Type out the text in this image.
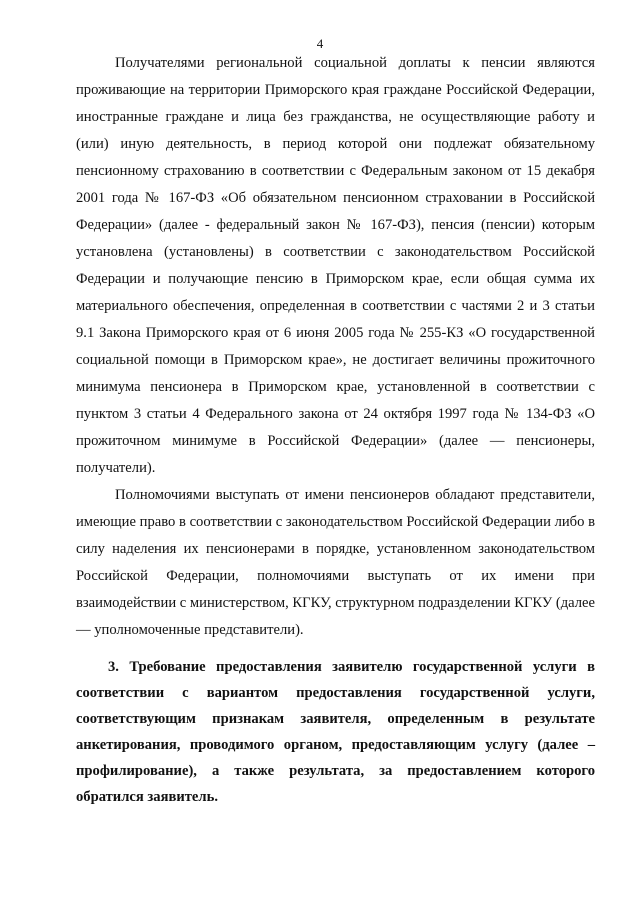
4

Получателями региональной социальной доплаты к пенсии являются проживающие на территории Приморского края граждане Российской Федерации, иностранные граждане и лица без гражданства, не осуществляющие работу и (или) иную деятельность, в период которой они подлежат обязательному пенсионному страхованию в соответствии с Федеральным законом от 15 декабря 2001 года № 167-ФЗ «Об обязательном пенсионном страховании в Российской Федерации» (далее - федеральный закон № 167-ФЗ), пенсия (пенсии) которым установлена (установлены) в соответствии с законодательством Российской Федерации и получающие пенсию в Приморском крае, если общая сумма их материального обеспечения, определенная в соответствии с частями 2 и 3 статьи 9.1 Закона Приморского края от 6 июня 2005 года № 255-КЗ «О государственной социальной помощи в Приморском крае», не достигает величины прожиточного минимума пенсионера в Приморском крае, установленной в соответствии с пунктом 3 статьи 4 Федерального закона от 24 октября 1997 года № 134-ФЗ «О прожиточном минимуме в Российской Федерации» (далее — пенсионеры, получатели).

Полномочиями выступать от имени пенсионеров обладают представители, имеющие право в соответствии с законодательством Российской Федерации либо в силу наделения их пенсионерами в порядке, установленном законодательством Российской Федерации, полномочиями выступать от их имени при взаимодействии с министерством, КГКУ, структурном подразделении КГКУ (далее — уполномоченные представители).

3. Требование предоставления заявителю государственной услуги в соответствии с вариантом предоставления государственной услуги, соответствующим признакам заявителя, определенным в результате анкетирования, проводимого органом, предоставляющим услугу (далее – профилирование), а также результата, за предоставлением которого обратился заявитель.
